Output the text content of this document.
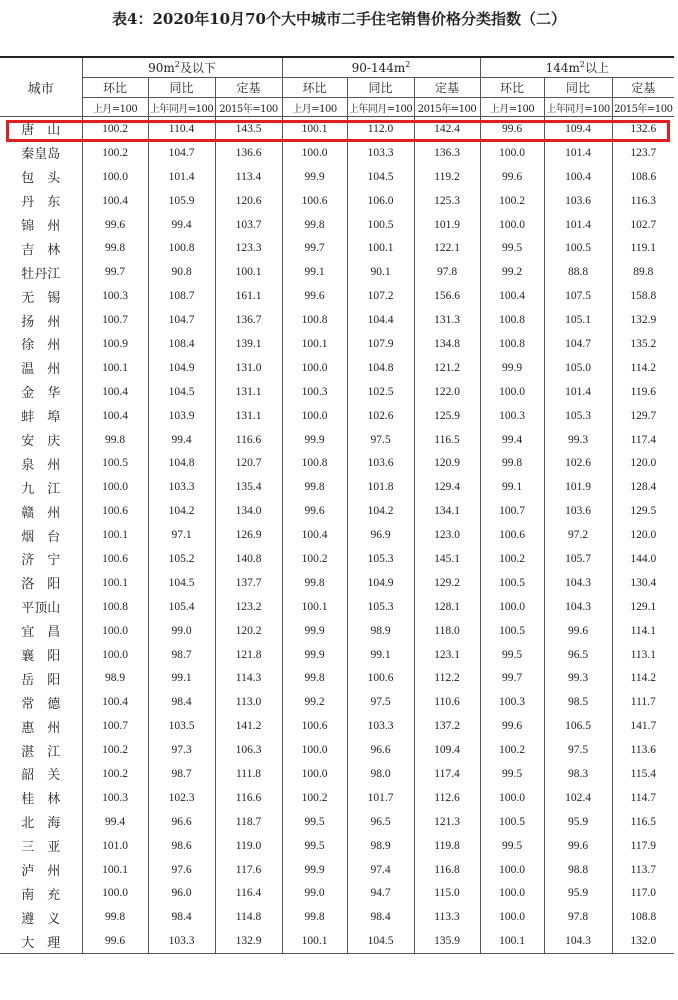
表4：2020年10月70个大中城市二手住宅销售价格分类指数（二）
城市	$90m^2$及以下			$90-144m^2$			$144m^2$以上		
	环比	同比	定基	环比	同比	定基	环比	同比	定基
	上月=100	上年同月=100	2015年=100	上月=100	上年同月=100	2015年=100	上月=100	上年同月=100	2015年=100
唐　山	100.2	110.4	143.5	100.1	112.0	142.4	99.6	109.4	132.6
秦皇岛	100.2	104.7	136.6	100.0	103.3	136.3	100.0	101.4	123.7
包　头	100.0	101.4	113.4	99.9	104.5	119.2	99.6	100.4	108.6
丹　东	100.4	105.9	120.6	100.6	106.0	125.3	100.2	103.6	116.3
锦　州	99.6	99.4	103.7	99.8	100.5	101.9	100.0	101.4	102.7
吉　林	99.8	100.8	123.3	99.7	100.1	122.1	99.5	100.5	119.1
牡丹江	99.7	90.8	100.1	99.1	90.1	97.8	99.2	88.8	89.8
无　锡	100.3	108.7	161.1	99.6	107.2	156.6	100.4	107.5	158.8
扬　州	100.7	104.7	136.7	100.8	104.4	131.3	100.8	105.1	132.9
徐　州	100.9	108.4	139.1	100.1	107.9	134.8	100.8	104.7	135.2
温　州	100.1	104.9	131.0	100.0	104.8	121.2	99.9	105.0	114.2
金　华	100.4	104.5	131.1	100.3	102.5	122.0	100.0	101.4	119.6
蚌　埠	100.4	103.9	131.1	100.0	102.6	125.9	100.3	105.3	129.7
安　庆	99.8	99.4	116.6	99.9	97.5	116.5	99.4	99.3	117.4
泉　州	100.5	104.8	120.7	100.8	103.6	120.9	99.8	102.6	120.0
九　江	100.0	103.3	135.4	99.8	101.8	129.4	99.1	101.9	128.4
赣　州	100.6	104.2	134.0	99.6	104.2	134.1	100.7	103.6	129.5
烟　台	100.1	97.1	126.9	100.4	96.9	123.0	100.6	97.2	120.0
济　宁	100.6	105.2	140.8	100.2	105.3	145.1	100.2	105.7	144.0
洛　阳	100.1	104.5	137.7	99.8	104.9	129.2	100.5	104.3	130.4
平顶山	100.8	105.4	123.2	100.1	105.3	128.1	100.0	104.3	129.1
宜　昌	100.0	99.0	120.2	99.9	98.9	118.0	100.5	99.6	114.1
襄　阳	100.0	98.7	121.8	99.9	99.1	123.1	99.5	96.5	113.1
岳　阳	98.9	99.1	114.3	99.8	100.6	112.2	99.7	99.3	114.2
常　德	100.4	98.4	113.0	99.2	97.5	110.6	100.3	98.5	111.7
惠　州	100.7	103.5	141.2	100.6	103.3	137.2	99.6	106.5	141.7
湛　江	100.2	97.3	106.3	100.0	96.6	109.4	100.2	97.5	113.6
韶　关	100.2	98.7	111.8	100.0	98.0	117.4	99.5	98.3	115.4
桂　林	100.3	102.3	116.6	100.2	101.7	112.6	100.0	102.4	114.7
北　海	99.4	96.6	118.7	99.5	96.5	121.3	100.5	95.9	116.5
三　亚	101.0	98.6	119.0	99.5	98.9	119.8	99.5	99.6	117.9
泸　州	100.1	97.6	117.6	99.9	97.4	116.8	100.0	98.8	113.7
南　充	100.0	96.0	116.4	99.0	94.7	115.0	100.0	95.9	117.0
遵　义	99.8	98.4	114.8	99.8	98.4	113.3	100.0	97.8	108.8
大　理	99.6	103.3	132.9	100.1	104.5	135.9	100.1	104.3	132.0
